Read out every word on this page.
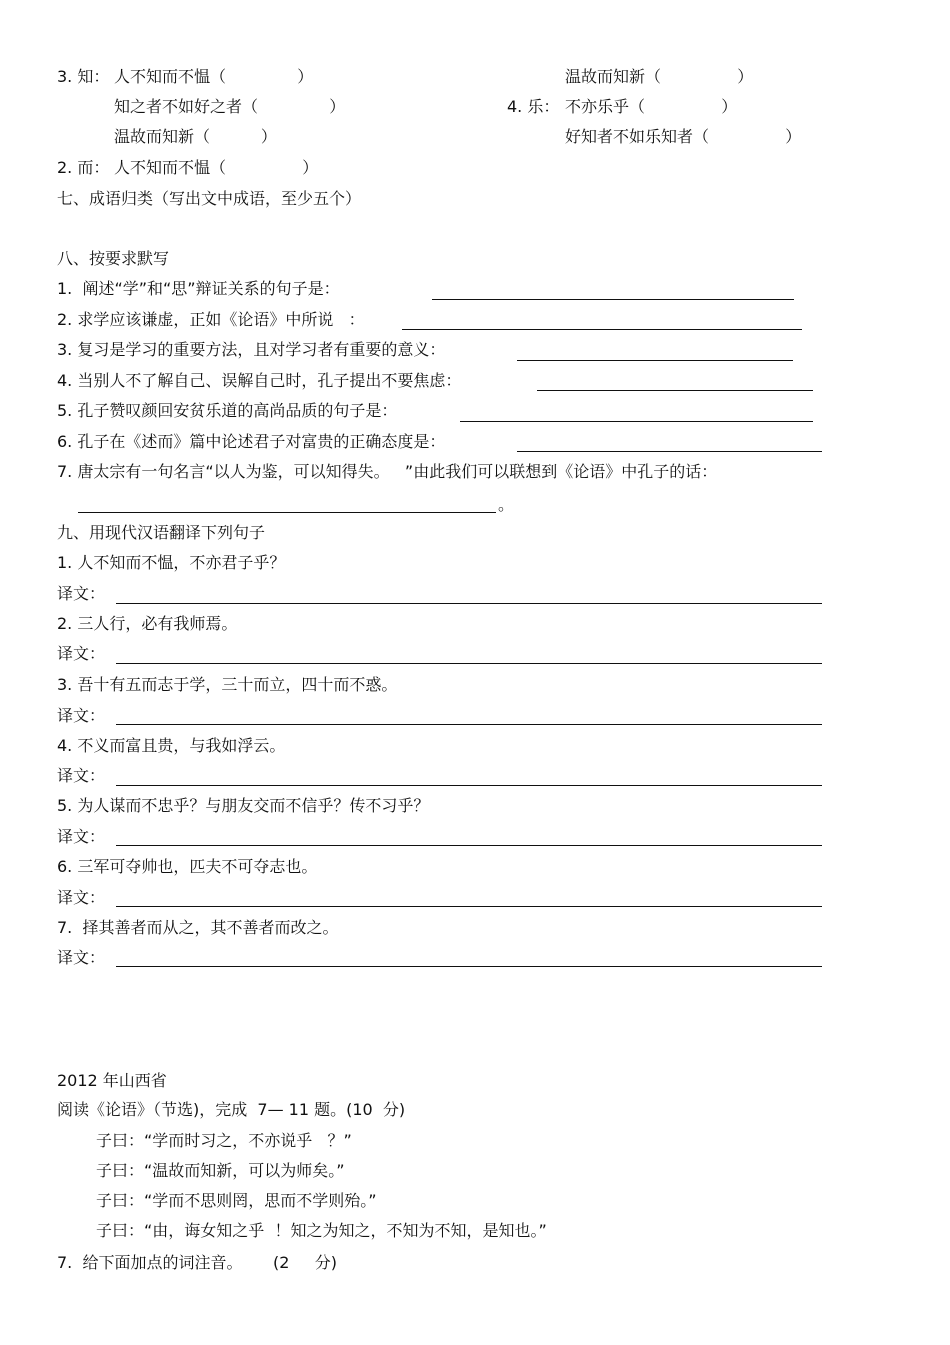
3. 知： 人不知而不愠（              ）
知之者不如好之者（              ）
温故而知新（          ）
2. 而： 人不知而不愠（               ）
温故而知新（               ）
4. 乐： 不亦乐乎（               ）
好知者不如乐知者（               ）
七、成语归类（写出文中成语，至少五个）
八、按要求默写
1.  阐述“学”和“思”辩证关系的句子是：
2. 求学应该谦虚，正如《论语》中所说   ：
3. 复习是学习的重要方法，且对学习者有重要的意义：
4. 当别人不了解自己、误解自己时，孔子提出不要焦虑：
5. 孔子赞叹颜回安贫乐道的高尚品质的句子是：
6. 孔子在《述而》篇中论述君子对富贵的正确态度是：
7. 唐太宗有一句名言“以人为鉴，可以知得失。   ”由此我们可以联想到《论语》中孔子的话：
。
九、用现代汉语翻译下列句子
1. 人不知而不愠，不亦君子乎？
译文：
2. 三人行，必有我师焉。
译文：
3. 吾十有五而志于学，三十而立，四十而不惑。
译文：
4. 不义而富且贵，与我如浮云。
译文：
5. 为人谋而不忠乎？与朋友交而不信乎？传不习乎？
译文：
6. 三军可夺帅也，匹夫不可夺志也。
译文：
7.  择其善者而从之，其不善者而改之。
译文：
2012 年山西省
阅读《论语》（节选)，完成  7— 11 题。(10  分)
子曰：“学而时习之，不亦说乎   ？”
子曰：“温故而知新，可以为师矣。”
子曰：“学而不思则罔，思而不学则殆。”
子曰：“由，诲女知之乎  ！知之为知之，不知为不知，是知也。”
7.  给下面加点的词注音。      (2     分)
